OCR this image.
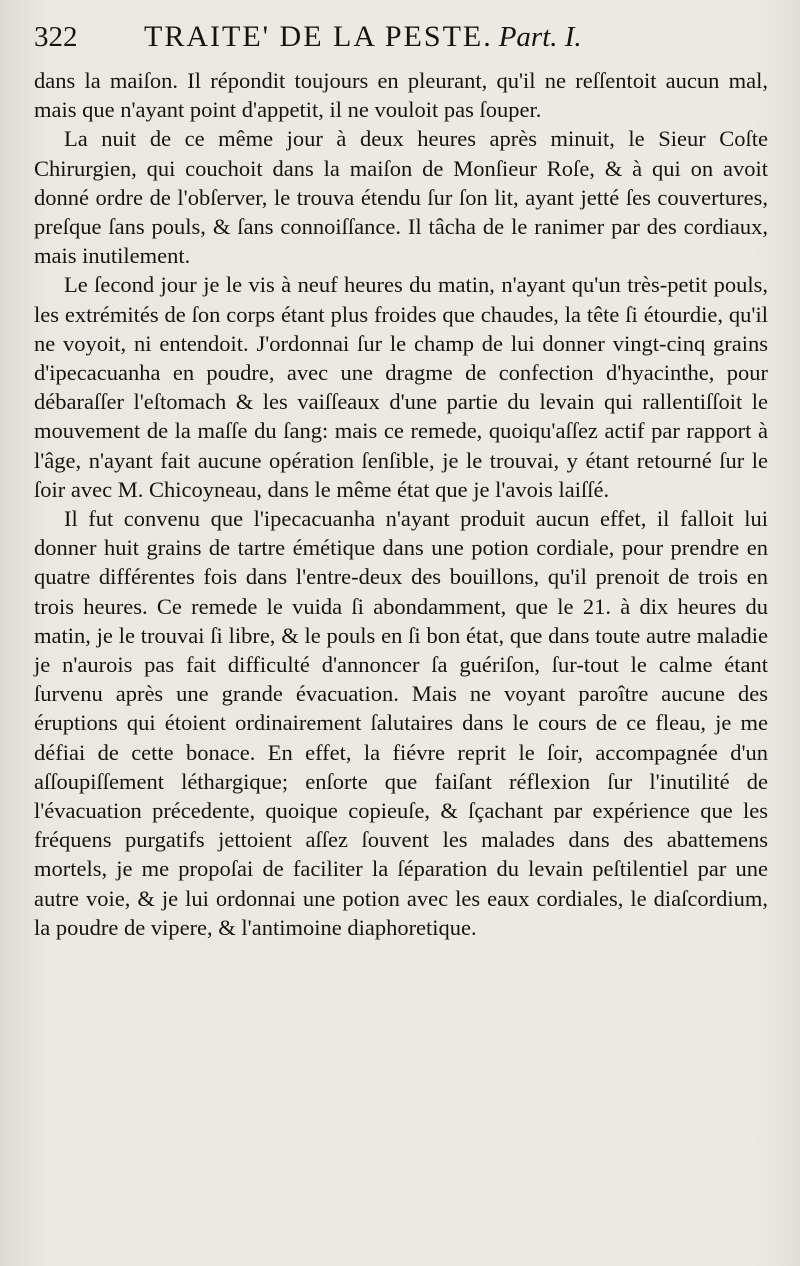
322	TRAITE' DE LA PESTE. Part. I.

dans la maiſon. Il répondit toujours en pleurant, qu'il ne reſſentoit aucun mal, mais que n'ayant point d'appetit, il ne vouloit pas ſouper.

La nuit de ce même jour à deux heures après minuit, le Sieur Coſte Chirurgien, qui couchoit dans la maiſon de Monſieur Roſe, & à qui on avoit donné ordre de l'obſerver, le trouva étendu ſur ſon lit, ayant jetté ſes couvertures, preſque ſans pouls, & ſans connoiſſance. Il tâcha de le ranimer par des cordiaux, mais inutilement.

Le ſecond jour je le vis à neuf heures du matin, n'ayant qu'un très-petit pouls, les extrémités de ſon corps étant plus froides que chaudes, la tête ſi étourdie, qu'il ne voyoit, ni entendoit. J'ordonnai ſur le champ de lui donner vingt-cinq grains d'ipecacuanha en poudre, avec une dragme de confection d'hyacinthe, pour débaraſſer l'eſtomach & les vaiſſeaux d'une partie du levain qui rallentiſſoit le mouvement de la maſſe du ſang: mais ce remede, quoiqu'aſſez actif par rapport à l'âge, n'ayant fait aucune opération ſenſible, je le trouvai, y étant retourné ſur le ſoir avec M. Chicoyneau, dans le même état que je l'avois laiſſé.

Il fut convenu que l'ipecacuanha n'ayant produit aucun effet, il falloit lui donner huit grains de tartre émétique dans une potion cordiale, pour prendre en quatre différentes fois dans l'entre-deux des bouillons, qu'il prenoit de trois en trois heures. Ce remede le vuida ſi abondamment, que le 21. à dix heures du matin, je le trouvai ſi libre, & le pouls en ſi bon état, que dans toute autre maladie je n'aurois pas fait difficulté d'annoncer ſa guériſon, ſur-tout le calme étant ſurvenu après une grande évacuation. Mais ne voyant paroître aucune des éruptions qui étoient ordinairement ſalutaires dans le cours de ce fleau, je me défiai de cette bonace. En effet, la fiévre reprit le ſoir, accompagnée d'un aſſoupiſſement léthargique; enſorte que faiſant réflexion ſur l'inutilité de l'évacuation précedente, quoique copieuſe, & ſçachant par expérience que les fréquens purgatifs jettoient aſſez ſouvent les malades dans des abattemens mortels, je me propoſai de faciliter la ſéparation du levain peſtilentiel par une autre voie, & je lui ordonnai une potion avec les eaux cordiales, le diaſcordium, la poudre de vipere, & l'antimoine diaphoretique.
